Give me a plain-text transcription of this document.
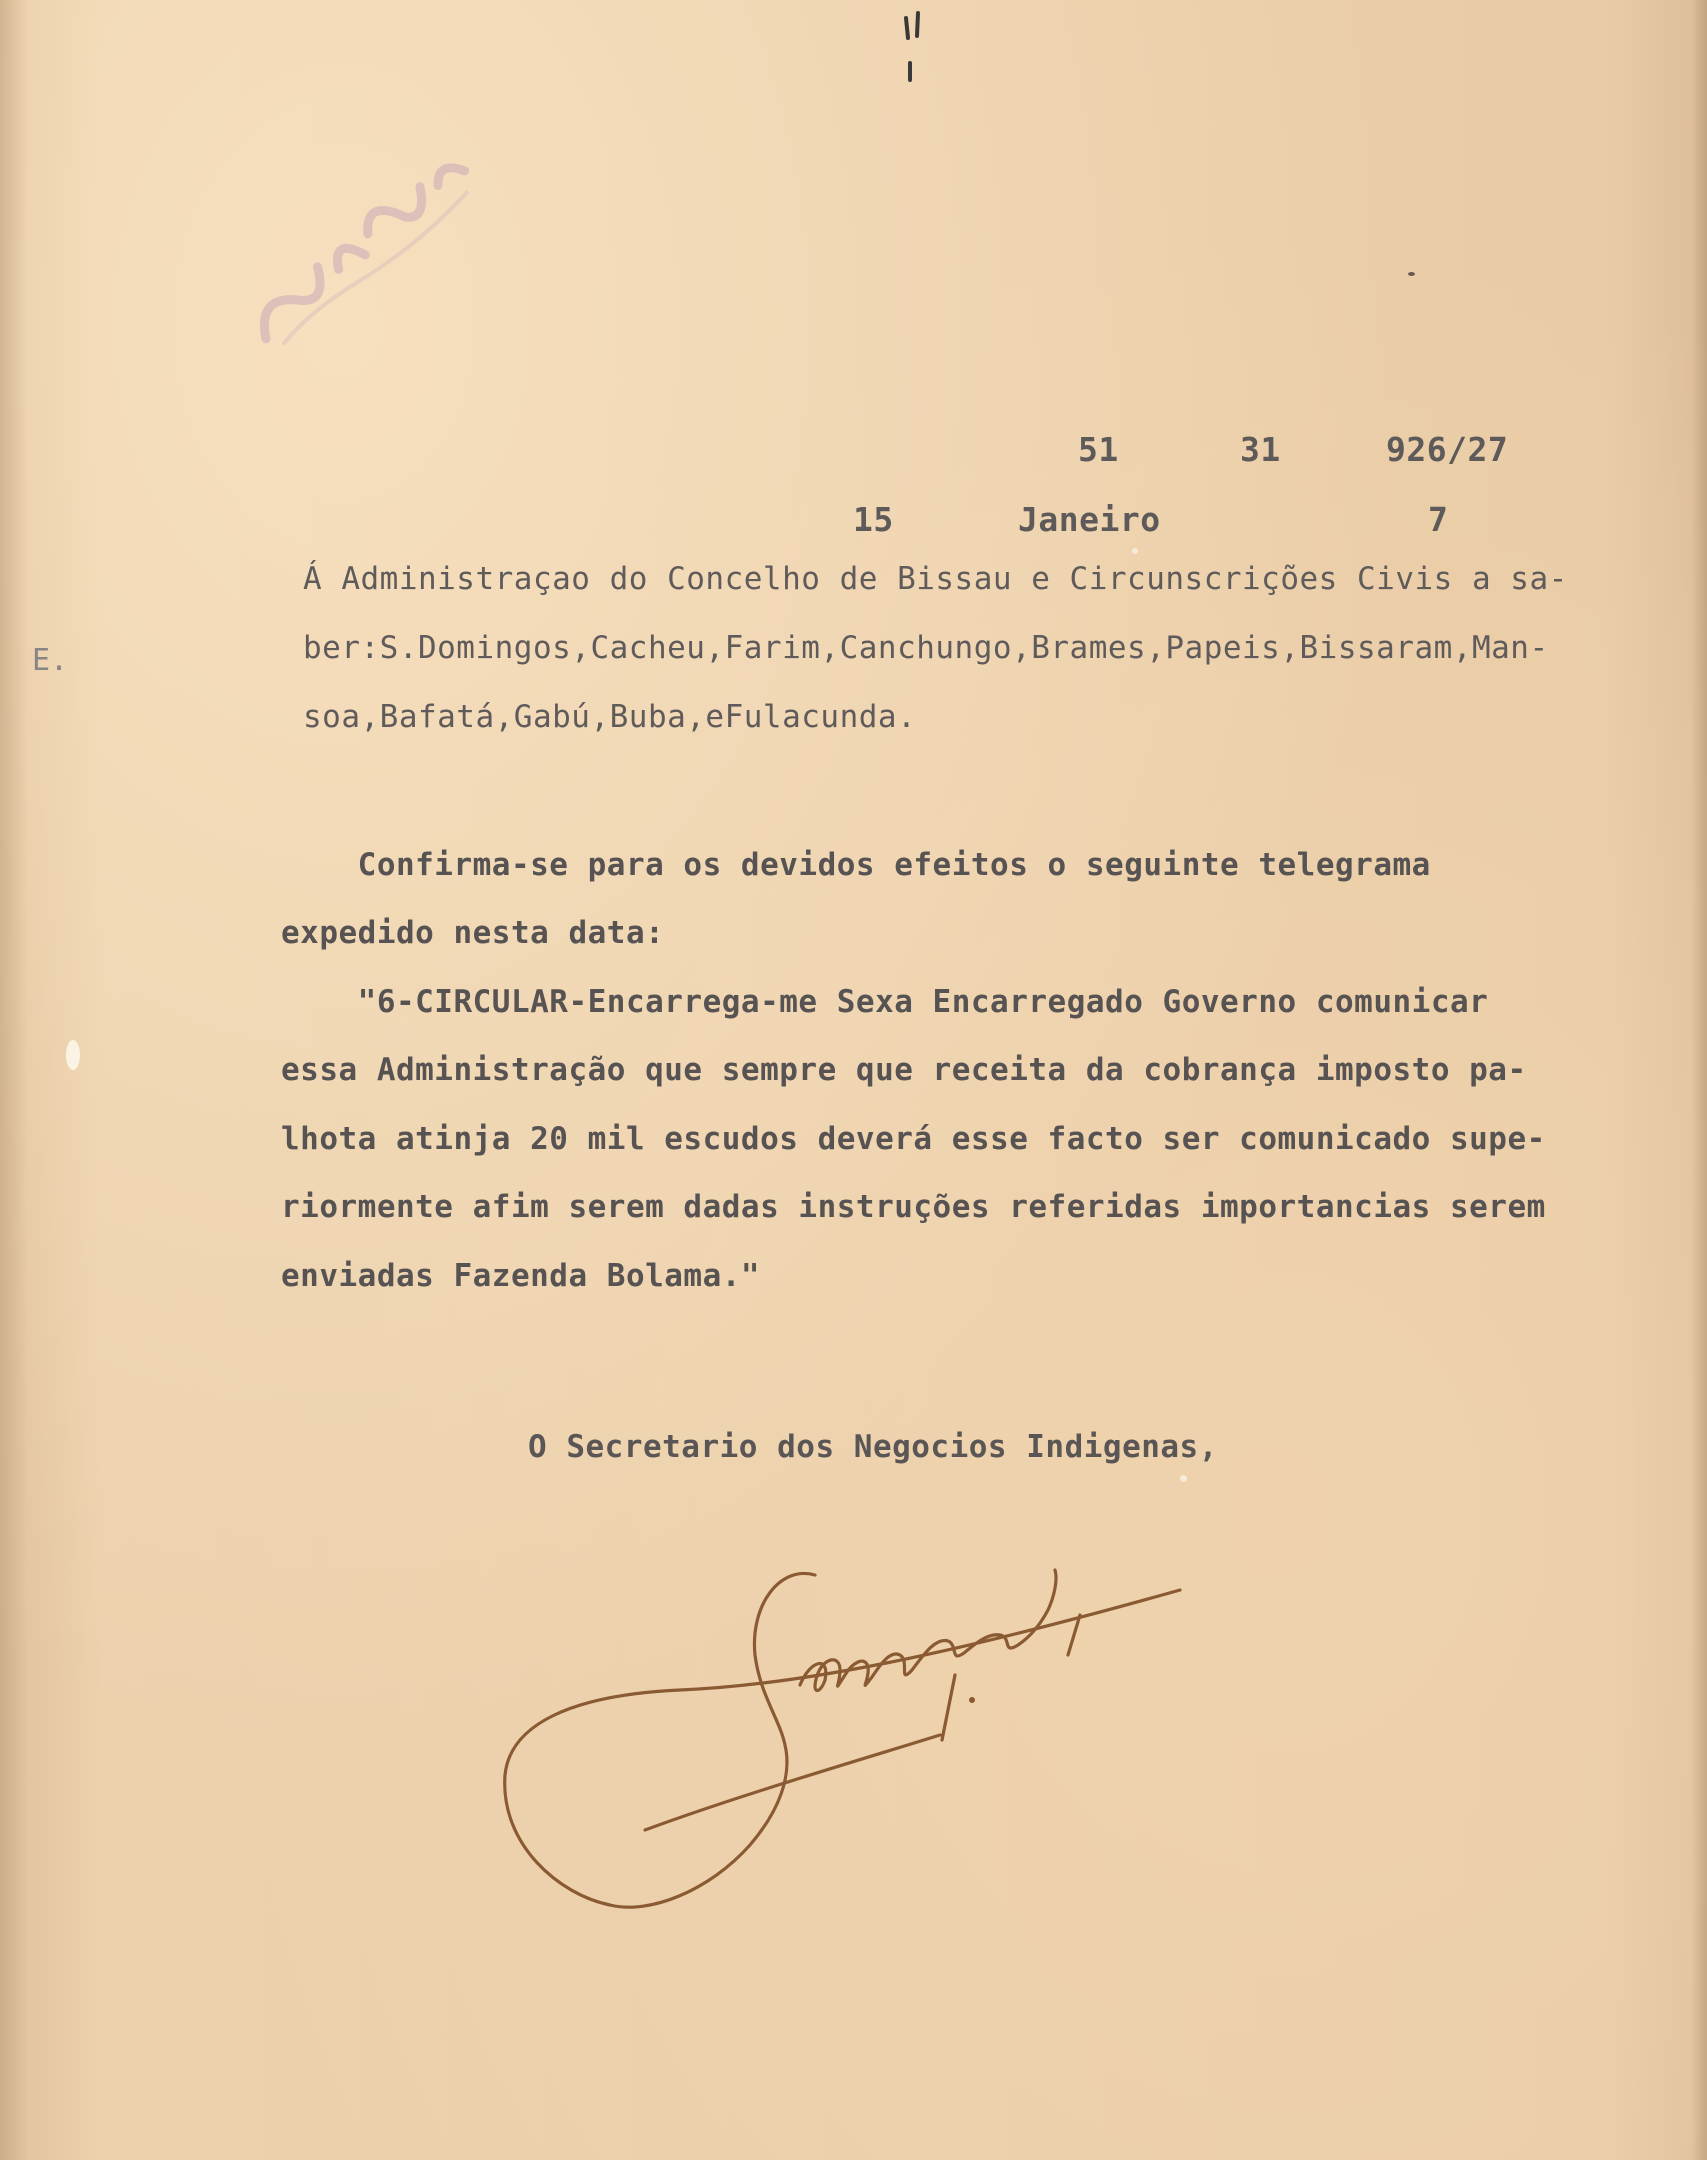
E.
51	31	926/27
15	Janeiro	7
Á Administraçao do Concelho de Bissau e Circunscrições Civis a sa-
ber:S.Domingos,Cacheu,Farim,Canchungo,Brames,Papeis,Bissaram,Man-
soa,Bafatá,Gabú,Buba,eFulacunda.
Confirma-se para os devidos efeitos o seguinte telegrama
expedido nesta data:
"6-CIRCULAR-Encarrega-me Sexa Encarregado Governo comunicar
essa Administração que sempre que receita da cobrança imposto pa-
lhota atinja 20 mil escudos deverá esse facto ser comunicado supe-
riormente afim serem dadas instruções referidas importancias serem
enviadas Fazenda Bolama."
O Secretario dos Negocios Indigenas,
